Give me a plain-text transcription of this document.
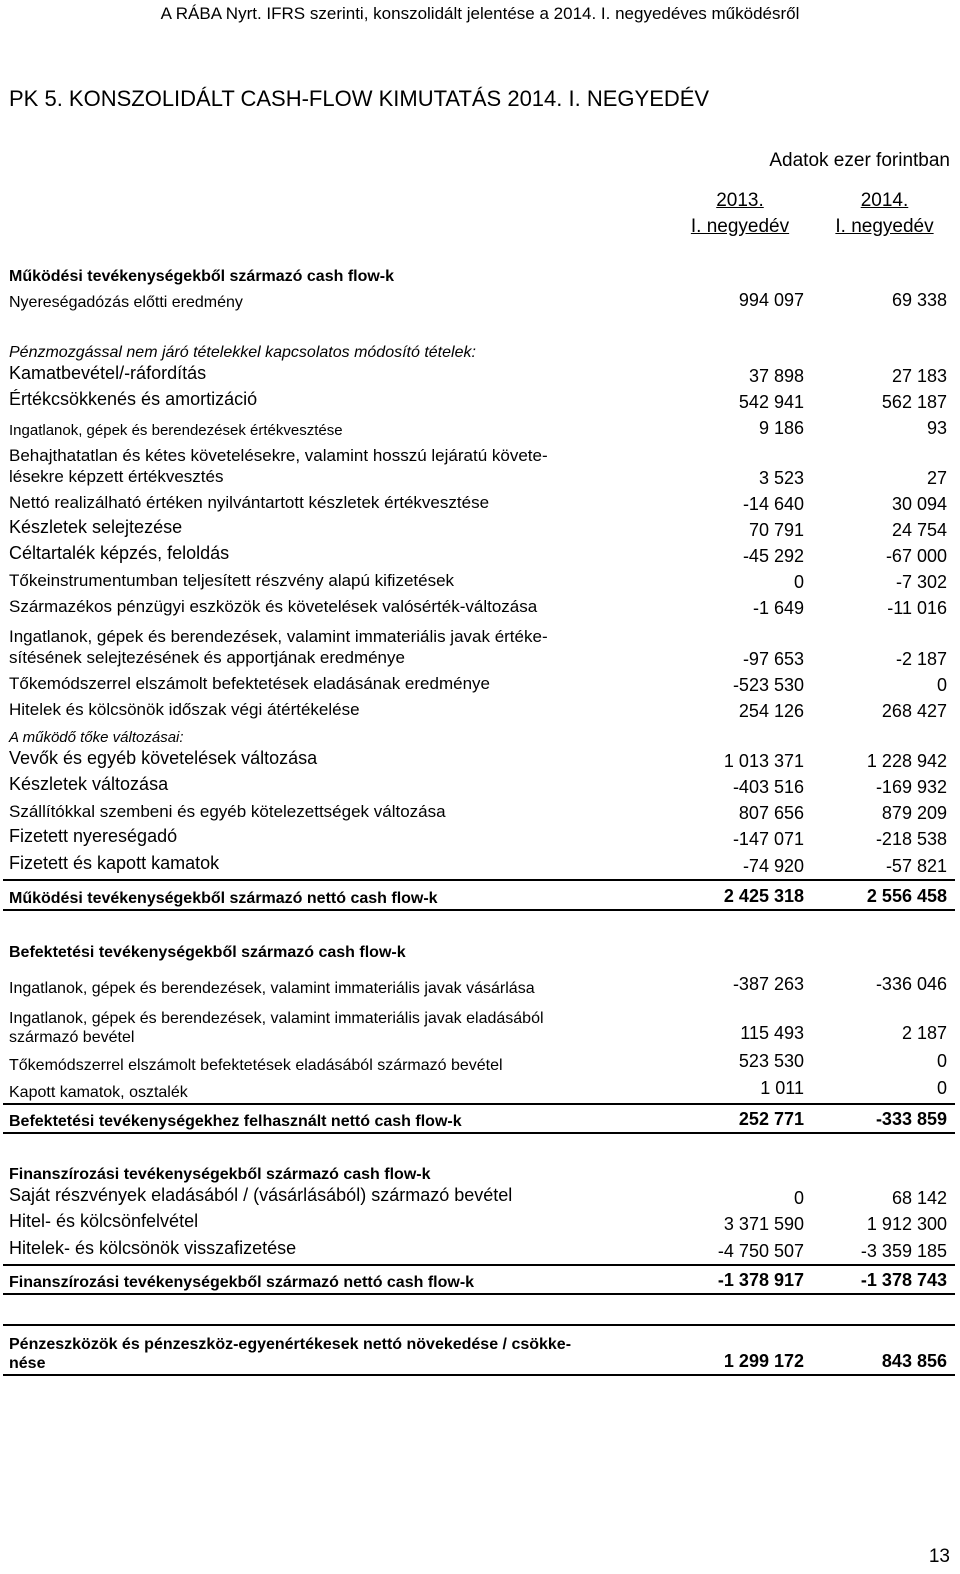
A RÁBA Nyrt. IFRS szerinti, konszolidált jelentése a 2014. I. negyedéves működésről
PK 5. KONSZOLIDÁLT CASH-FLOW KIMUTATÁS 2014. I. NEGYEDÉV
Adatok ezer forintban
2013.
I. negyedév
2014.
I. negyedév
Működési tevékenységekből származó cash flow-k
Nyereségadózás előtti eredmény	994 097	69 338
Pénzmozgással nem járó tételekkel kapcsolatos módosító tételek:
Kamatbevétel/-ráfordítás	37 898	27 183
Értékcsökkenés és amortizáció	542 941	562 187
Ingatlanok, gépek és berendezések értékvesztése	9 186	93
Behajthatatlan és kétes követelésekre, valamint hosszú lejáratú követe-
lésekre képzett értékvesztés	3 523	27
Nettó realizálható értéken nyilvántartott készletek értékvesztése	-14 640	30 094
Készletek selejtezése	70 791	24 754
Céltartalék képzés, feloldás	-45 292	-67 000
Tőkeinstrumentumban teljesített részvény alapú kifizetések	0	-7 302
Származékos pénzügyi eszközök és követelések valósérték-változása	-1 649	-11 016
Ingatlanok, gépek és berendezések, valamint immateriális javak értéke-
sítésének selejtezésének és apportjának eredménye	-97 653	-2 187
Tőkemódszerrel elszámolt befektetések eladásának eredménye	-523 530	0
Hitelek és kölcsönök időszak végi átértékelése	254 126	268 427
A működő tőke változásai:
Vevők és egyéb követelések változása	1 013 371	1 228 942
Készletek változása	-403 516	-169 932
Szállítókkal szembeni és egyéb kötelezettségek változása	807 656	879 209
Fizetett nyereségadó	-147 071	-218 538
Fizetett és kapott kamatok	-74 920	-57 821
Működési tevékenységekből származó nettó cash flow-k	2 425 318	2 556 458
Befektetési tevékenységekből származó cash flow-k
Ingatlanok, gépek és berendezések, valamint immateriális javak vásárlása	-387 263	-336 046
Ingatlanok, gépek és berendezések, valamint immateriális javak eladásából
származó bevétel	115 493	2 187
Tőkemódszerrel elszámolt befektetések eladásából származó bevétel	523 530	0
Kapott kamatok, osztalék	1 011	0
Befektetési tevékenységekhez felhasznált nettó cash flow-k	252 771	-333 859
Finanszírozási tevékenységekből származó cash flow-k
Saját részvények eladásából / (vásárlásából) származó bevétel	0	68 142
Hitel- és kölcsönfelvétel	3 371 590	1 912 300
Hitelek- és kölcsönök visszafizetése	-4 750 507	-3 359 185
Finanszírozási tevékenységekből származó nettó cash flow-k	-1 378 917	-1 378 743
Pénzeszközök és pénzeszköz-egyenértékesek nettó növekedése / csökke-
nése	1 299 172	843 856
13
